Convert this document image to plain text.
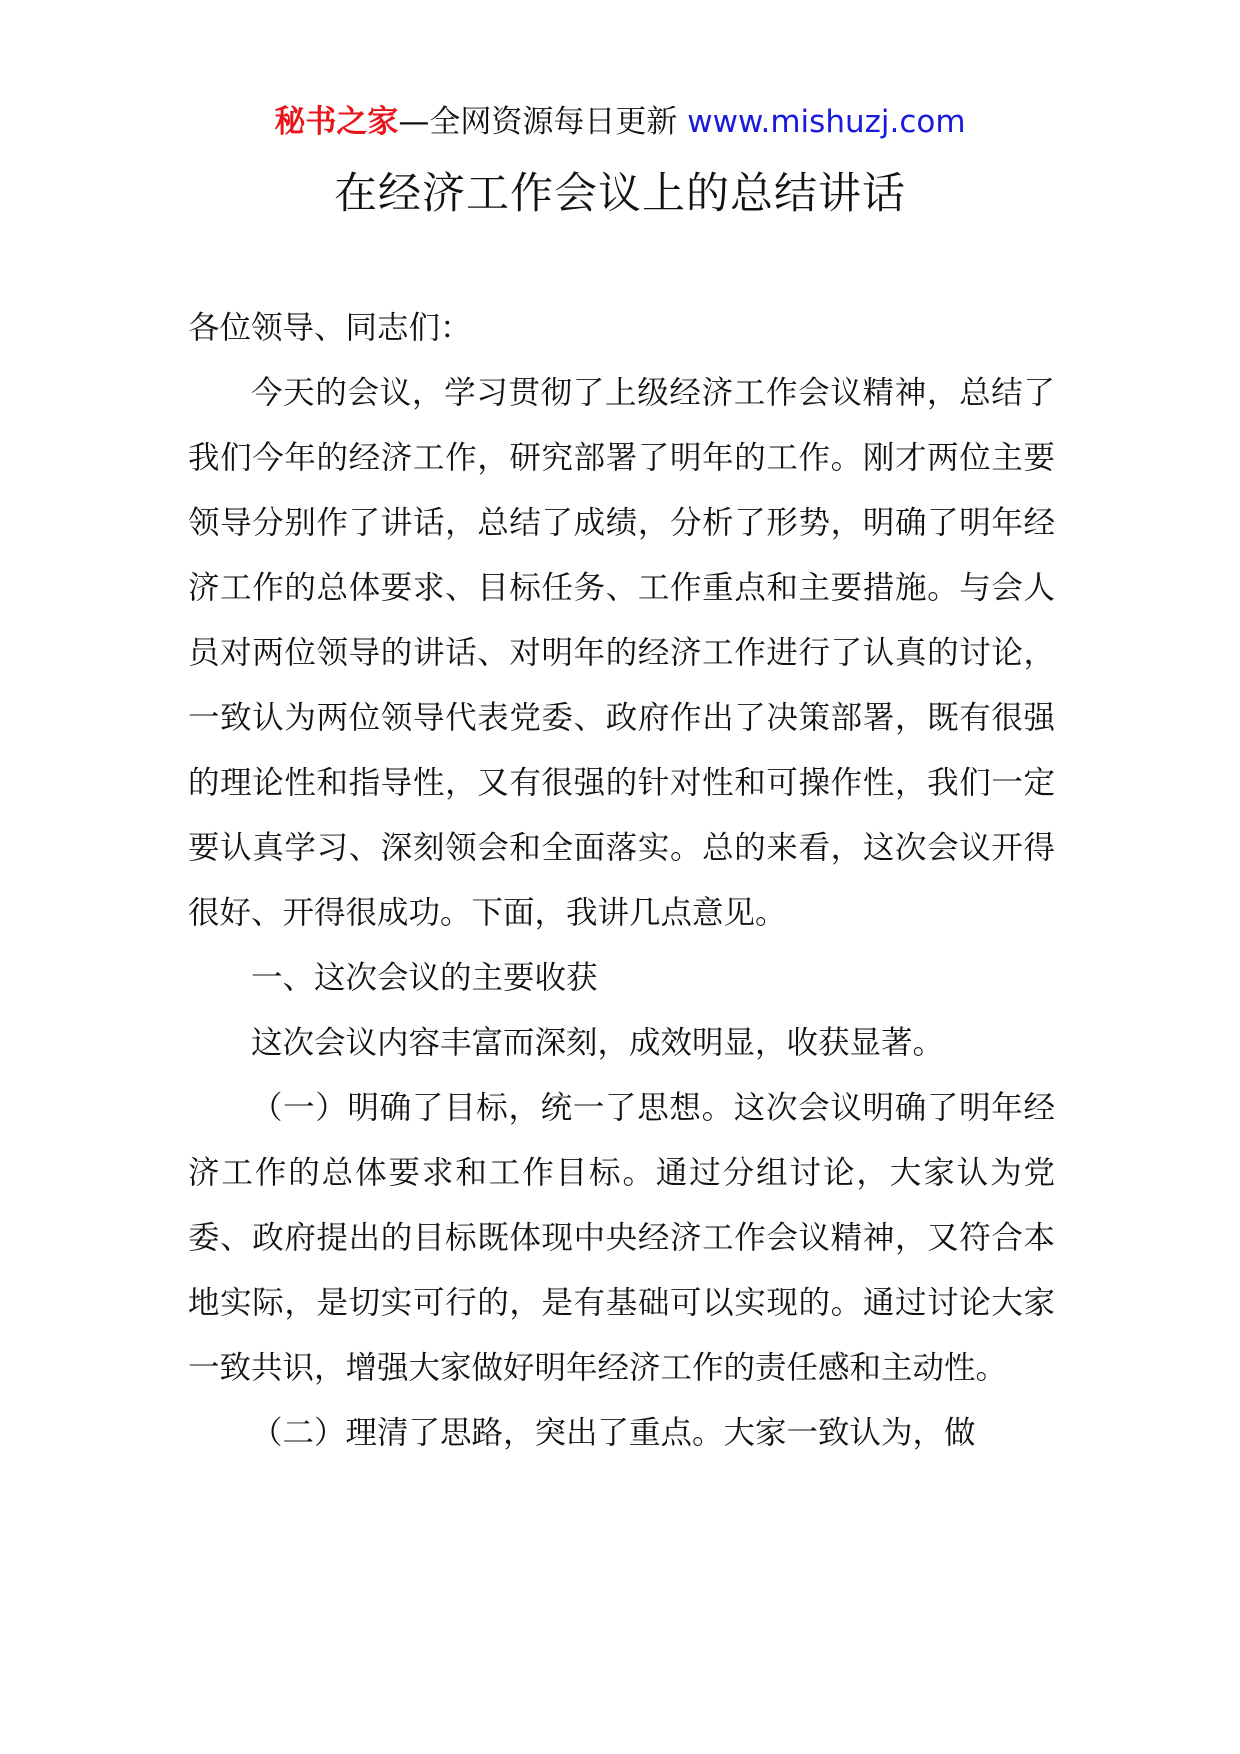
秘书之家—全网资源每日更新 www.mishuzj.com
在经济工作会议上的总结讲话

各位领导、同志们：

今天的会议，学习贯彻了上级经济工作会议精神，总结了我们今年的经济工作，研究部署了明年的工作。刚才两位主要领导分别作了讲话，总结了成绩，分析了形势，明确了明年经济工作的总体要求、目标任务、工作重点和主要措施。与会人员对两位领导的讲话、对明年的经济工作进行了认真的讨论，一致认为两位领导代表党委、政府作出了决策部署，既有很强的理论性和指导性，又有很强的针对性和可操作性，我们一定要认真学习、深刻领会和全面落实。总的来看，这次会议开得很好、开得很成功。下面，我讲几点意见。

一、这次会议的主要收获

这次会议内容丰富而深刻，成效明显，收获显著。

（一）明确了目标，统一了思想。这次会议明确了明年经济工作的总体要求和工作目标。通过分组讨论，大家认为党委、政府提出的目标既体现中央经济工作会议精神，又符合本地实际，是切实可行的，是有基础可以实现的。通过讨论大家一致共识，增强大家做好明年经济工作的责任感和主动性。

（二）理清了思路，突出了重点。大家一致认为，做
